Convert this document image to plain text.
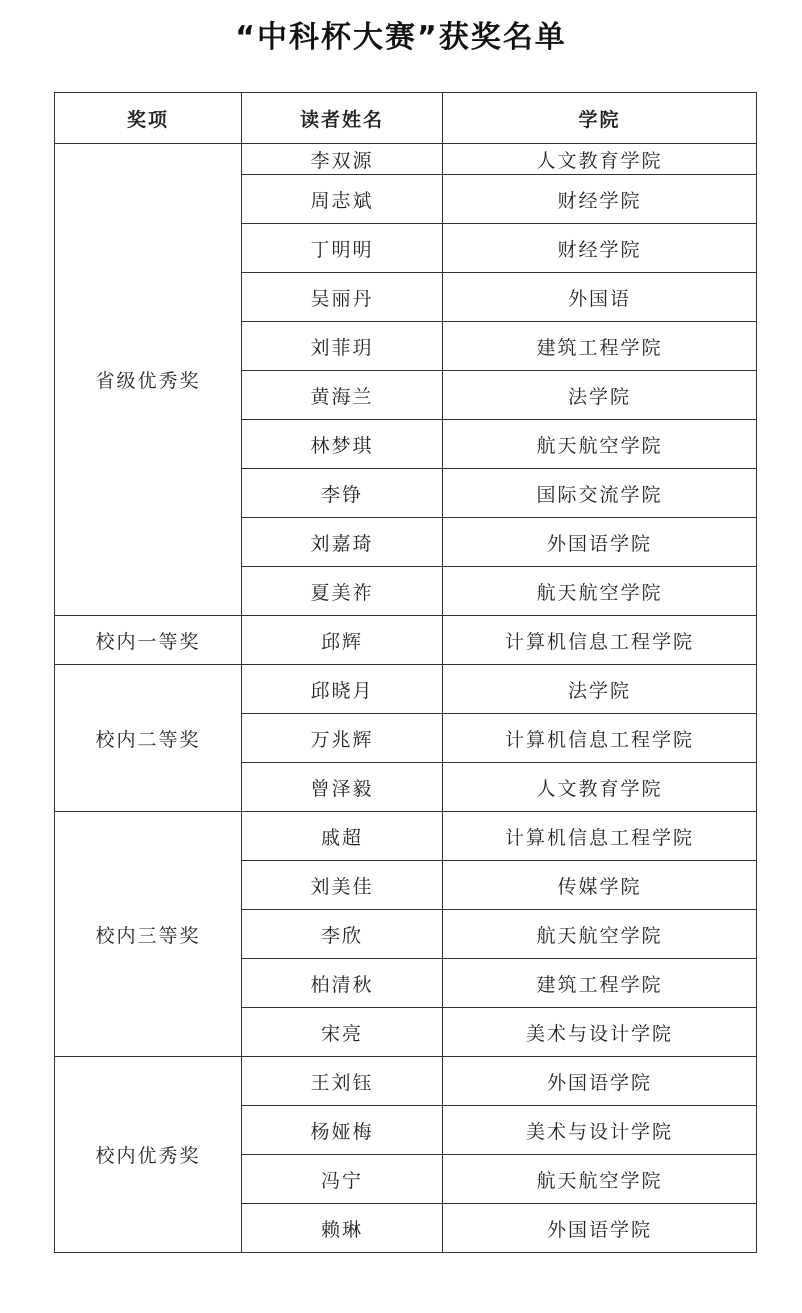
“中科杯大赛”获奖名单
奖项	读者姓名	学院
省级优秀奖	李双源	人文教育学院
	周志斌	财经学院
	丁明明	财经学院
	吴丽丹	外国语
	刘菲玥	建筑工程学院
	黄海兰	法学院
	林梦琪	航天航空学院
	李铮	国际交流学院
	刘嘉琦	外国语学院
	夏美祚	航天航空学院
校内一等奖	邱辉	计算机信息工程学院
校内二等奖	邱晓月	法学院
	万兆辉	计算机信息工程学院
	曾泽毅	人文教育学院
校内三等奖	戚超	计算机信息工程学院
	刘美佳	传媒学院
	李欣	航天航空学院
	柏清秋	建筑工程学院
	宋亮	美术与设计学院
校内优秀奖	王刘钰	外国语学院
	杨娅梅	美术与设计学院
	冯宁	航天航空学院
	赖琳	外国语学院
